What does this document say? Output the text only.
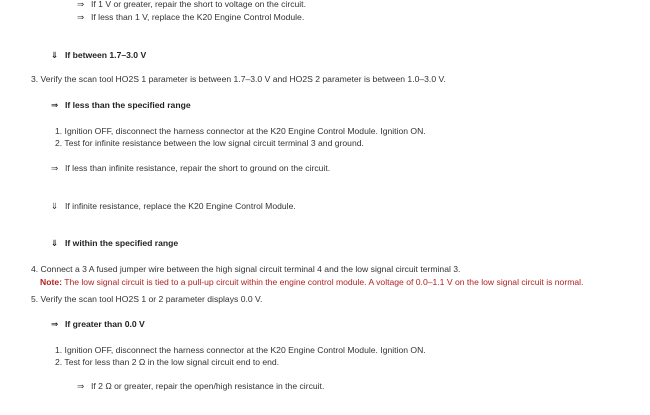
⇒ If 1 V or greater, repair the short to voltage on the circuit.
⇒ If less than 1 V, replace the K20 Engine Control Module.
⇓ If between 1.7–3.0 V
3. Verify the scan tool HO2S 1 parameter is between 1.7–3.0 V and HO2S 2 parameter is between 1.0–3.0 V.
⇒ If less than the specified range
1. Ignition OFF, disconnect the harness connector at the K20 Engine Control Module. Ignition ON.
2. Test for infinite resistance between the low signal circuit terminal 3 and ground.
⇒ If less than infinite resistance, repair the short to ground on the circuit.
⇓ If infinite resistance, replace the K20 Engine Control Module.
⇓ If within the specified range
4. Connect a 3 A fused jumper wire between the high signal circuit terminal 4 and the low signal circuit terminal 3.
Note: The low signal circuit is tied to a pull-up circuit within the engine control module. A voltage of 0.0–1.1 V on the low signal circuit is normal.
5. Verify the scan tool HO2S 1 or 2 parameter displays 0.0 V.
⇒ If greater than 0.0 V
1. Ignition OFF, disconnect the harness connector at the K20 Engine Control Module. Ignition ON.
2. Test for less than 2 Ω in the low signal circuit end to end.
⇒ If 2 Ω or greater, repair the open/high resistance in the circuit.
